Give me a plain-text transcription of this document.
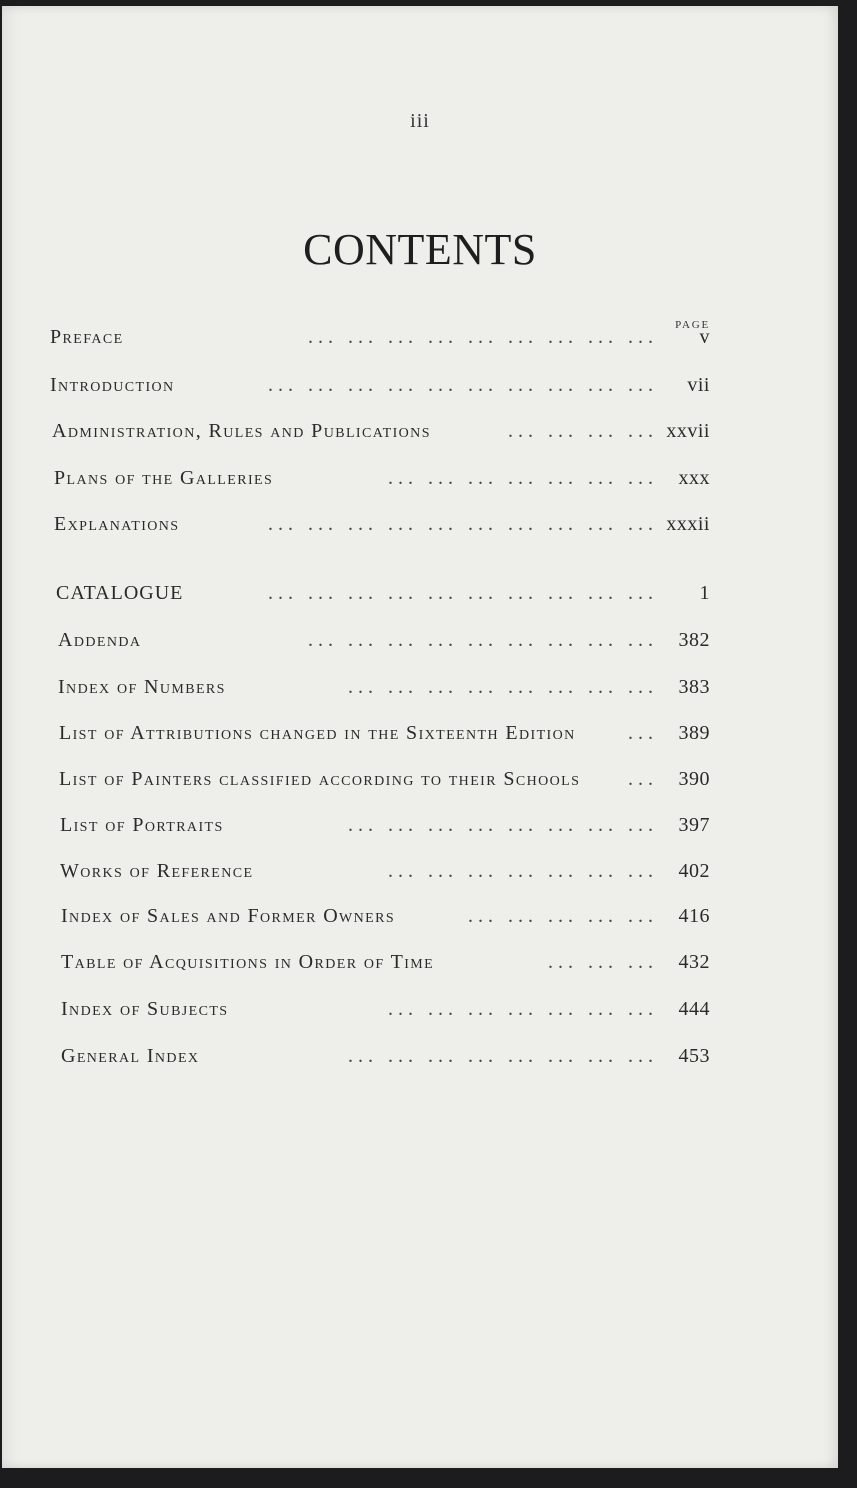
iii
CONTENTS
page
Preface	... ... ... ... ... ... ... ... ...	v
Introduction	... ... ... ... ... ... ... ... ... ...	vii
Administration, Rules and Publications	... ... ... ... xxvii
Plans of the Galleries	... ... ... ... ... ... ...	xxx
Explanations	... ... ... ... ... ... ... ... ... ... xxxii
CATALOGUE	... ... ... ... ... ... ... ... ... ...	1
Addenda	... ... ... ... ... ... ... ... ...	382
Index of Numbers	... ... ... ... ... ... ... ...	383
List of Attributions changed in the Sixteenth Edition	...	389
List of Painters classified according to their Schools	...	390
List of Portraits	... ... ... ... ... ... ... ...	397
Works of Reference	... ... ... ... ... ... ...	402
Index of Sales and Former Owners	... ... ... ... ...	416
Table of Acquisitions in Order of Time	... ... ...	432
Index of Subjects	... ... ... ... ... ... ...	444
General Index	... ... ... ... ... ... ... ...	453
